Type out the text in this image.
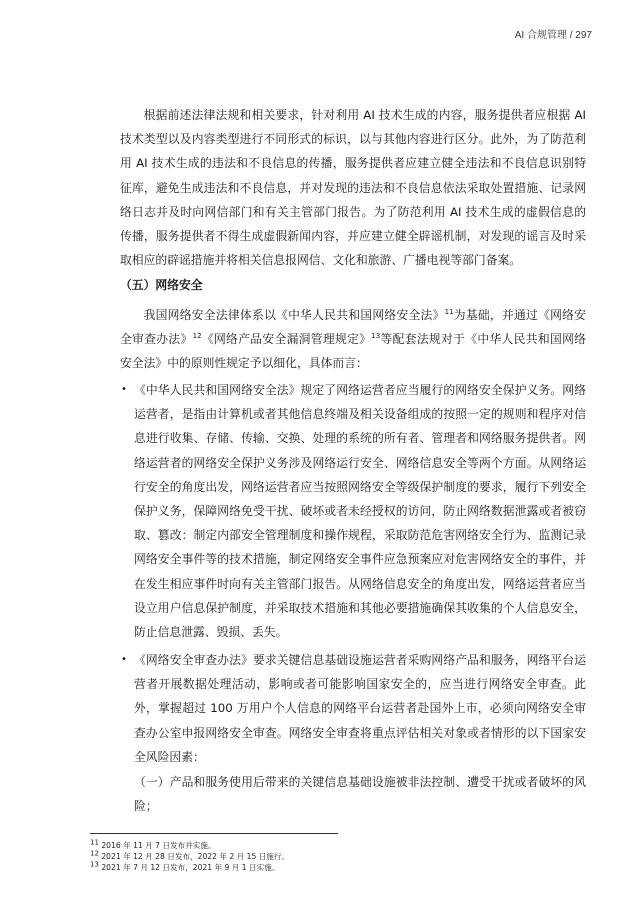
AI 合规管理 / 297
根据前述法律法规和相关要求，针对利用 AI 技术生成的内容，服务提供者应根据 AI 技术类型以及内容类型进行不同形式的标识，以与其他内容进行区分。此外，为了防范利用 AI 技术生成的违法和不良信息的传播，服务提供者应建立健全违法和不良信息识别特征库，避免生成违法和不良信息，并对发现的违法和不良信息依法采取处置措施、记录网络日志并及时向网信部门和有关主管部门报告。为了防范利用 AI 技术生成的虚假信息的传播，服务提供者不得生成虚假新闻内容，并应建立健全辟谣机制，对发现的谣言及时采取相应的辟谣措施并将相关信息报网信、文化和旅游、广播电视等部门备案。
（五）网络安全
我国网络安全法律体系以《中华人民共和国网络安全法》$^{11}$为基础，并通过《网络安全审查办法》$^{12}$《网络产品安全漏洞管理规定》$^{13}$等配套法规对于《中华人民共和国网络安全法》中的原则性规定予以细化，具体而言：
• 《中华人民共和国网络安全法》规定了网络运营者应当履行的网络安全保护义务。网络运营者，是指由计算机或者其他信息终端及相关设备组成的按照一定的规则和程序对信息进行收集、存储、传输、交换、处理的系统的所有者、管理者和网络服务提供者。网络运营者的网络安全保护义务涉及网络运行安全、网络信息安全等两个方面。从网络运行安全的角度出发，网络运营者应当按照网络安全等级保护制度的要求，履行下列安全保护义务，保障网络免受干扰、破坏或者未经授权的访问，防止网络数据泄露或者被窃取、篡改：制定内部安全管理制度和操作规程，采取防范危害网络安全行为、监测记录网络安全事件等的技术措施，制定网络安全事件应急预案应对危害网络安全的事件，并在发生相应事件时向有关主管部门报告。从网络信息安全的角度出发，网络运营者应当设立用户信息保护制度，并采取技术措施和其他必要措施确保其收集的个人信息安全，防止信息泄露、毁损、丢失。
• 《网络安全审查办法》要求关键信息基础设施运营者采购网络产品和服务，网络平台运营者开展数据处理活动，影响或者可能影响国家安全的，应当进行网络安全审查。此外，掌握超过 100 万用户个人信息的网络平台运营者赴国外上市，必须向网络安全审查办公室申报网络安全审查。网络安全审查将重点评估相关对象或者情形的以下国家安全风险因素：
（一）产品和服务使用后带来的关键信息基础设施被非法控制、遭受干扰或者破坏的风险；
$^{11}$ 2016 年 11 月 7 日发布并实施。
$^{12}$ 2021 年 12 月 28 日发布，2022 年 2 月 15 日施行。
$^{13}$ 2021 年 7 月 12 日发布，2021 年 9 月 1 日实施。
